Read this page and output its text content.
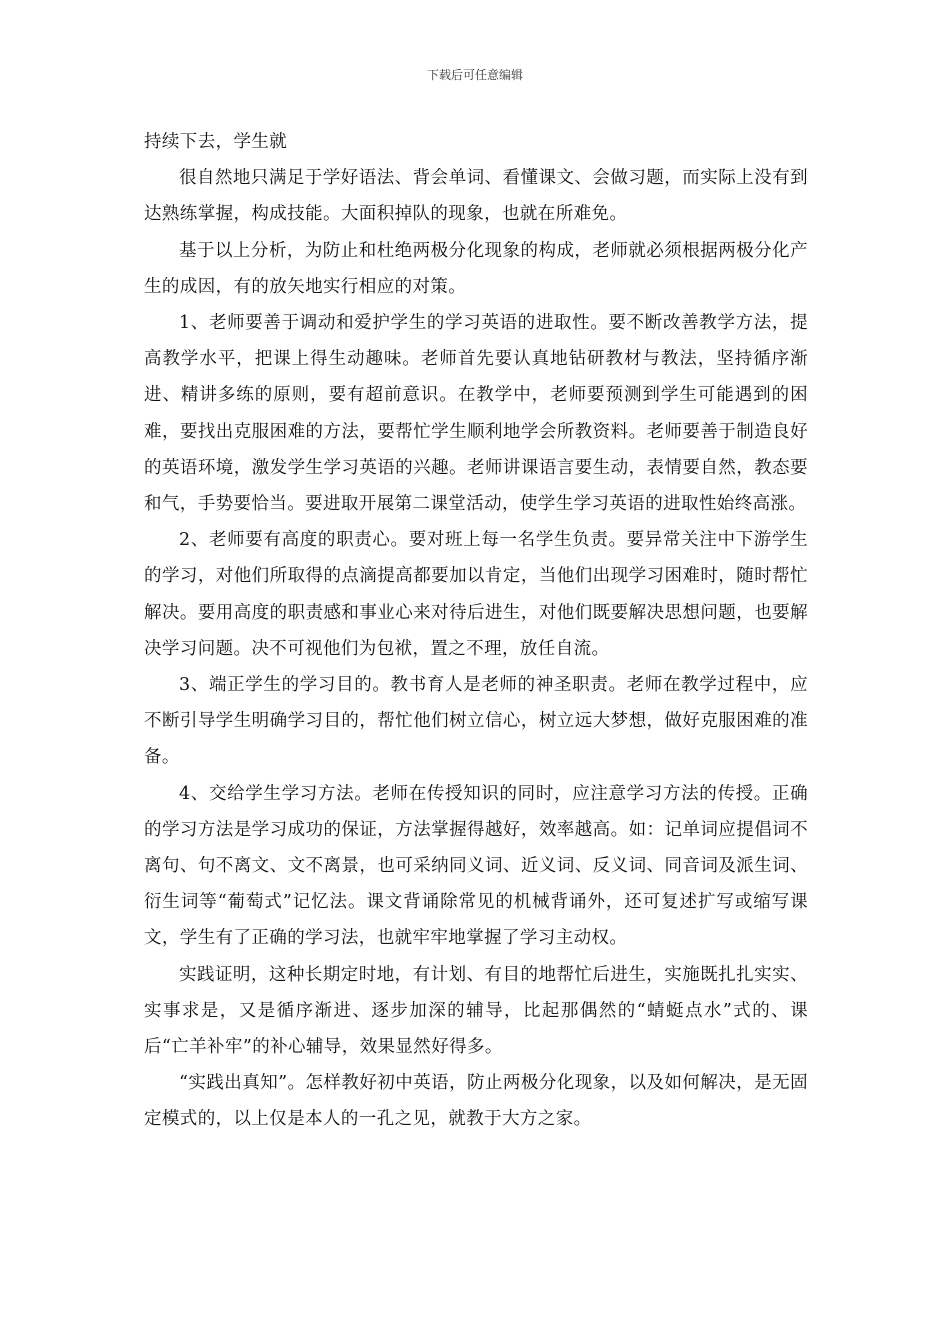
下载后可任意编辑

持续下去，学生就

很自然地只满足于学好语法、背会单词、看懂课文、会做习题，而实际上没有到达熟练掌握，构成技能。大面积掉队的现象，也就在所难免。

基于以上分析，为防止和杜绝两极分化现象的构成，老师就必须根据两极分化产生的成因，有的放矢地实行相应的对策。

1、老师要善于调动和爱护学生的学习英语的进取性。要不断改善教学方法，提高教学水平，把课上得生动趣味。老师首先要认真地钻研教材与教法，坚持循序渐进、精讲多练的原则，要有超前意识。在教学中，老师要预测到学生可能遇到的困难，要找出克服困难的方法，要帮忙学生顺利地学会所教资料。老师要善于制造良好的英语环境，激发学生学习英语的兴趣。老师讲课语言要生动，表情要自然，教态要和气，手势要恰当。要进取开展第二课堂活动，使学生学习英语的进取性始终高涨。

2、老师要有高度的职责心。要对班上每一名学生负责。要异常关注中下游学生的学习，对他们所取得的点滴提高都要加以肯定，当他们出现学习困难时，随时帮忙解决。要用高度的职责感和事业心来对待后进生，对他们既要解决思想问题，也要解决学习问题。决不可视他们为包袱，置之不理，放任自流。

3、端正学生的学习目的。教书育人是老师的神圣职责。老师在教学过程中，应不断引导学生明确学习目的，帮忙他们树立信心，树立远大梦想，做好克服困难的准备。

4、交给学生学习方法。老师在传授知识的同时，应注意学习方法的传授。正确的学习方法是学习成功的保证，方法掌握得越好，效率越高。如：记单词应提倡词不离句、句不离文、文不离景，也可采纳同义词、近义词、反义词、同音词及派生词、衍生词等“葡萄式”记忆法。课文背诵除常见的机械背诵外，还可复述扩写或缩写课文，学生有了正确的学习法，也就牢牢地掌握了学习主动权。

实践证明，这种长期定时地，有计划、有目的地帮忙后进生，实施既扎扎实实、实事求是，又是循序渐进、逐步加深的辅导，比起那偶然的“蜻蜓点水”式的、课后“亡羊补牢”的补心辅导，效果显然好得多。

“实践出真知”。怎样教好初中英语，防止两极分化现象，以及如何解决，是无固定模式的，以上仅是本人的一孔之见，就教于大方之家。
